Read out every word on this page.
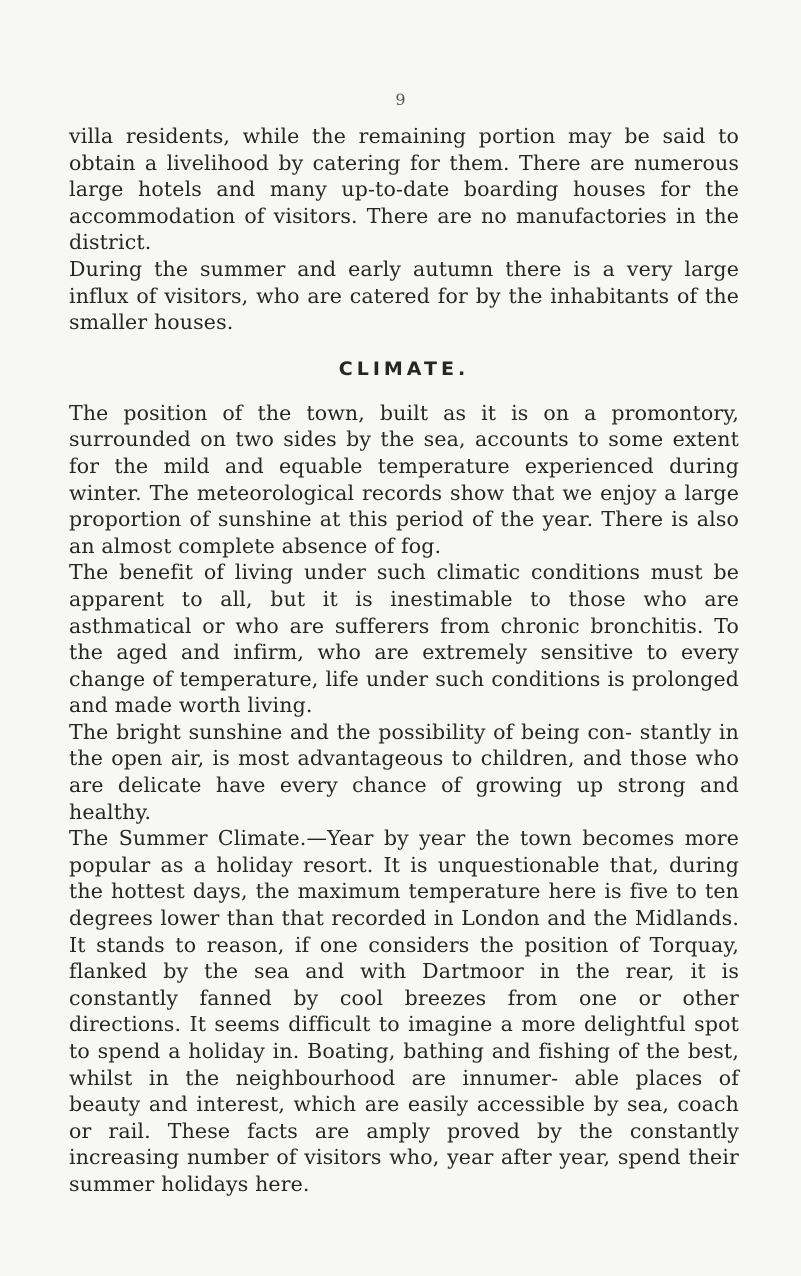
9

villa residents, while the remaining portion may be said to obtain a livelihood by catering for them. There are numerous large hotels and many up-to-date boarding houses for the accommodation of visitors. There are no manufactories in the district.

During the summer and early autumn there is a very large influx of visitors, who are catered for by the inhabitants of the smaller houses.

CLIMATE.

The position of the town, built as it is on a promontory, surrounded on two sides by the sea, accounts to some extent for the mild and equable temperature experienced during winter. The meteorological records show that we enjoy a large proportion of sunshine at this period of the year. There is also an almost complete absence of fog.

The benefit of living under such climatic conditions must be apparent to all, but it is inestimable to those who are asthmatical or who are sufferers from chronic bronchitis. To the aged and infirm, who are extremely sensitive to every change of temperature, life under such conditions is prolonged and made worth living.

The bright sunshine and the possibility of being con- stantly in the open air, is most advantageous to children, and those who are delicate have every chance of growing up strong and healthy.

The Summer Climate.—Year by year the town becomes more popular as a holiday resort. It is unquestionable that, during the hottest days, the maximum temperature here is five to ten degrees lower than that recorded in London and the Midlands. It stands to reason, if one considers the position of Torquay, flanked by the sea and with Dartmoor in the rear, it is constantly fanned by cool breezes from one or other directions. It seems difficult to imagine a more delightful spot to spend a holiday in. Boating, bathing and fishing of the best, whilst in the neighbourhood are innumer- able places of beauty and interest, which are easily accessible by sea, coach or rail. These facts are amply proved by the constantly increasing number of visitors who, year after year, spend their summer holidays here.
